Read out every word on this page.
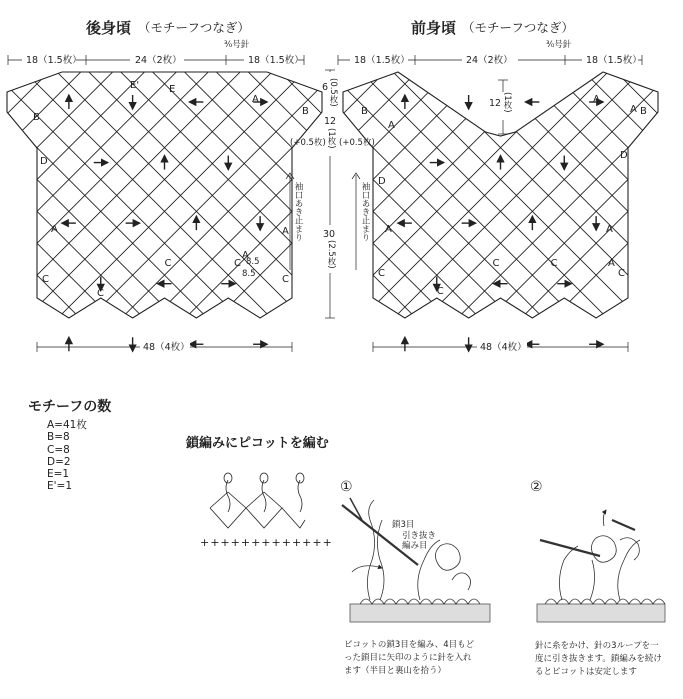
後身頃 （モチーフつなぎ）
³⁄₀号針
前身頃 （モチーフつなぎ）
³⁄₀号針
18（1.5枚）	24（2枚）	18（1.5枚）	18（1.5枚）	24（2枚）	18（1.5枚）
B
E'	E
A
B
D
A	A
A
C
C	C
C
C
B
A
A
A B
D
A
D
A
A
C
C	C
C
C
6 (0.5枚)
12
(1枚)
30
(2.5枚)
(+0.5枚) (+0.5枚)
袖口あき止まり	袖口あき止まり
12 (1枚)
8.5
8.5
48（4枚）	48（4枚）
鎖編みにピコットを編む
+++++++++++++
①	②
鎖3目
引き抜き
編み目
ピコットの鎖3目を編み、4目もど
った鎖目に矢印のように針を入れ
ます（半目と裏山を拾う）
針に糸をかけ、針の3ループを一
度に引き抜きます。鎖編みを続け
るとピコットは安定します
モチーフの数
A=41枚
B=8
C=8
D=2
E=1
E'=1
